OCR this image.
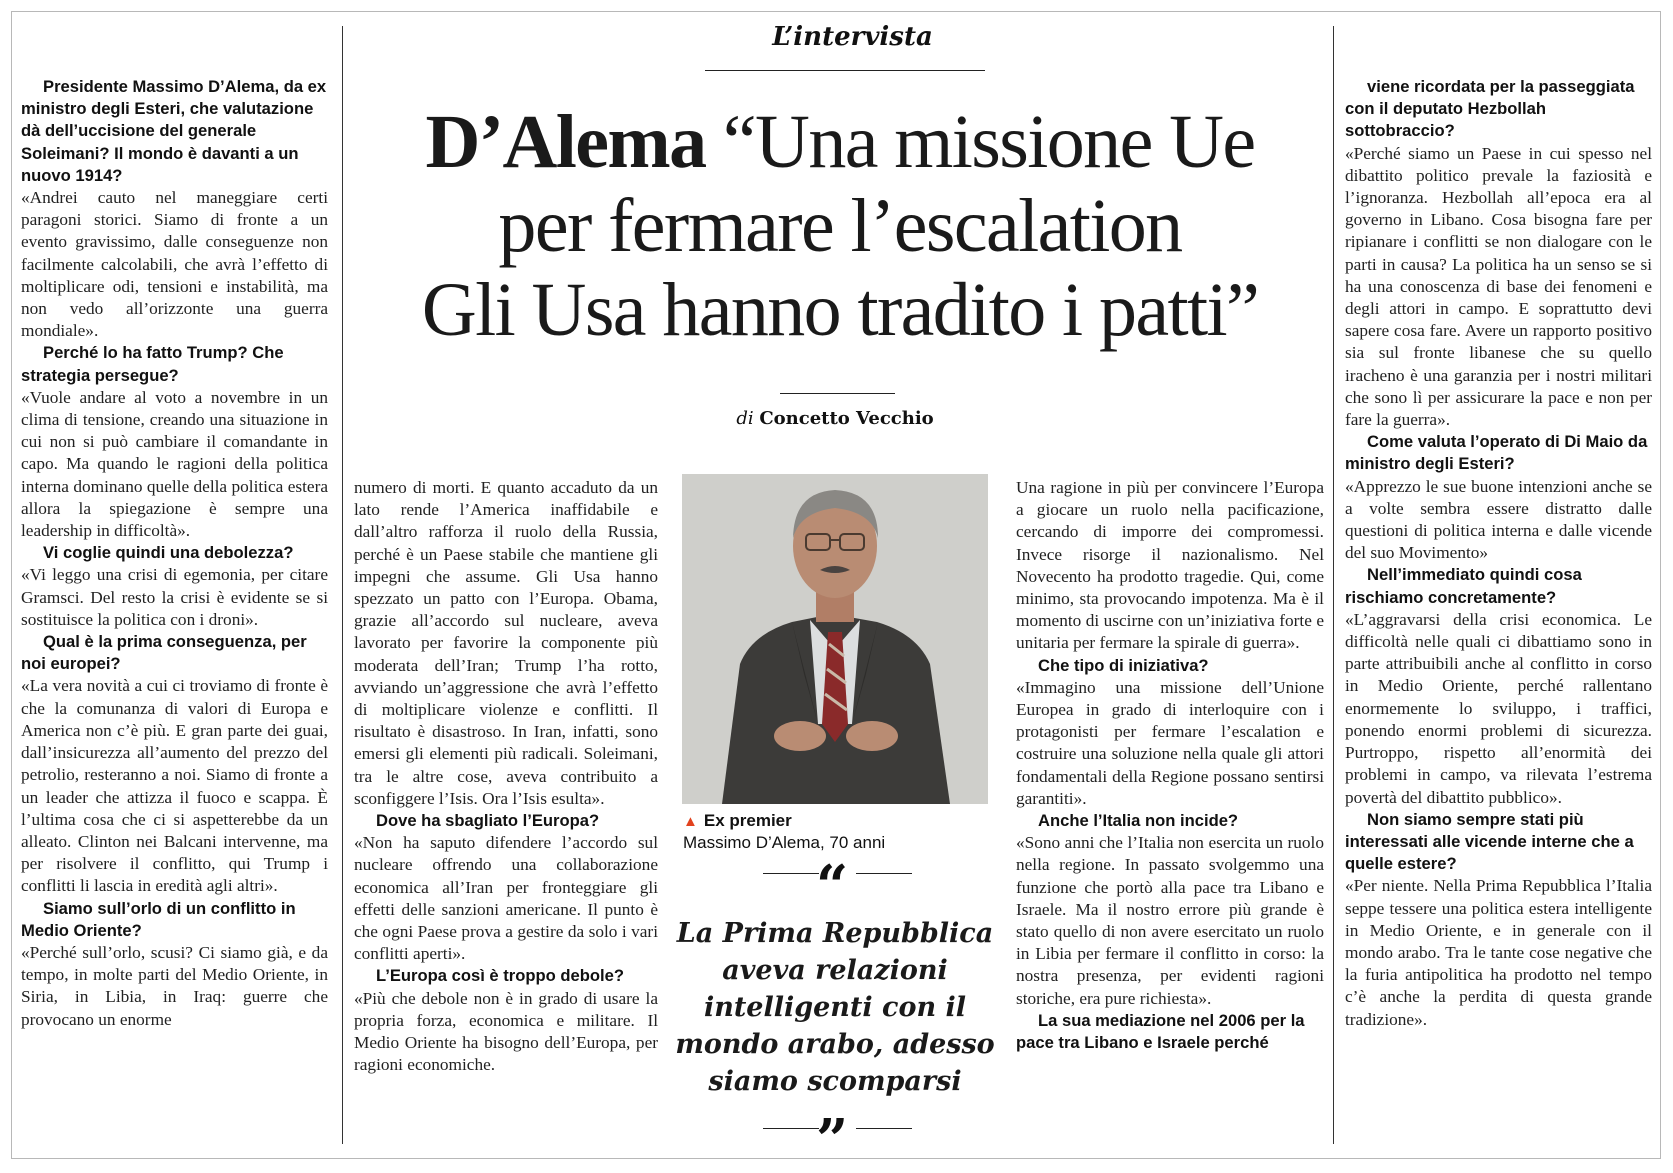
L’intervista
D’Alema “Una missione Ue
per fermare l’escalation
Gli Usa hanno tradito i patti”
di Concetto Vecchio

Presidente Massimo D’Alema, da ex ministro degli Esteri, che valutazione dà dell’uccisione del generale Soleimani? Il mondo è davanti a un nuovo 1914?

«Andrei cauto nel maneggiare certi paragoni storici. Siamo di fronte a un evento gravissimo, dalle conseguenze non facilmente calcolabili, che avrà l’effetto di moltiplicare odi, tensioni e instabilità, ma non vedo all’orizzonte una guerra mondiale».

Perché lo ha fatto Trump? Che strategia persegue?

«Vuole andare al voto a novembre in un clima di tensione, creando una situazione in cui non si può cambiare il comandante in capo. Ma quando le ragioni della politica interna dominano quelle della politica estera allora la spiegazione è sempre una leadership in difficoltà».

Vi coglie quindi una debolezza?

«Vi leggo una crisi di egemonia, per citare Gramsci. Del resto la crisi è evidente se si sostituisce la politica con i droni».

Qual è la prima conseguenza, per noi europei?

«La vera novità a cui ci troviamo di fronte è che la comunanza di valori di Europa e America non c’è più. E gran parte dei guai, dall’insicurezza all’aumento del prezzo del petrolio, resteranno a noi. Siamo di fronte a un leader che attizza il fuoco e scappa. È l’ultima cosa che ci si aspetterebbe da un alleato. Clinton nei Balcani intervenne, ma per risolvere il conflitto, qui Trump i conflitti li lascia in eredità agli altri».

Siamo sull’orlo di un conflitto in Medio Oriente?

«Perché sull’orlo, scusi? Ci siamo già, e da tempo, in molte parti del Medio Oriente, in Siria, in Libia, in Iraq: guerre che provocano un enorme

numero di morti. E quanto accaduto da un lato rende l’America inaffidabile e dall’altro rafforza il ruolo della Russia, perché è un Paese stabile che mantiene gli impegni che assume. Gli Usa hanno spezzato un patto con l’Europa. Obama, grazie all’accordo sul nucleare, aveva lavorato per favorire la componente più moderata dell’Iran; Trump l’ha rotto, avviando un’aggressione che avrà l’effetto di moltiplicare violenze e conflitti. Il risultato è disastroso. In Iran, infatti, sono emersi gli elementi più radicali. Soleimani, tra le altre cose, aveva contribuito a sconfiggere l’Isis. Ora l’Isis esulta».

Dove ha sbagliato l’Europa?

«Non ha saputo difendere l’accordo sul nucleare offrendo una collaborazione economica all’Iran per fronteggiare gli effetti delle sanzioni americane. Il punto è che ogni Paese prova a gestire da solo i vari conflitti aperti».

L’Europa così è troppo debole?

«Più che debole non è in grado di usare la propria forza, economica e militare. Il Medio Oriente ha bisogno dell’Europa, per ragioni economiche.

Una ragione in più per convincere l’Europa a giocare un ruolo nella pacificazione, cercando di imporre dei compromessi. Invece risorge il nazionalismo. Nel Novecento ha prodotto tragedie. Qui, come minimo, sta provocando impotenza. Ma è il momento di uscirne con un’iniziativa forte e unitaria per fermare la spirale di guerra».

Che tipo di iniziativa?

«Immagino una missione dell’Unione Europea in grado di interloquire con i protagonisti per fermare l’escalation e costruire una soluzione nella quale gli attori fondamentali della Regione possano sentirsi garantiti».

Anche l’Italia non incide?

«Sono anni che l’Italia non esercita un ruolo nella regione. In passato svolgemmo una funzione che portò alla pace tra Libano e Israele. Ma il nostro errore più grande è stato quello di non avere esercitato un ruolo in Libia per fermare il conflitto in corso: la nostra presenza, per evidenti ragioni storiche, era pure richiesta».

La sua mediazione nel 2006 per la pace tra Libano e Israele perché

viene ricordata per la passeggiata con il deputato Hezbollah sottobraccio?

«Perché siamo un Paese in cui spesso nel dibattito politico prevale la faziosità e l’ignoranza. Hezbollah all’epoca era al governo in Libano. Cosa bisogna fare per ripianare i conflitti se non dialogare con le parti in causa? La politica ha un senso se si ha una conoscenza di base dei fenomeni e degli attori in campo. E soprattutto devi sapere cosa fare. Avere un rapporto positivo sia sul fronte libanese che su quello iracheno è una garanzia per i nostri militari che sono lì per assicurare la pace e non per fare la guerra».

Come valuta l’operato di Di Maio da ministro degli Esteri?

«Apprezzo le sue buone intenzioni anche se a volte sembra essere distratto dalle questioni di politica interna e dalle vicende del suo Movimento»

Nell’immediato quindi cosa rischiamo concretamente?

«L’aggravarsi della crisi economica. Le difficoltà nelle quali ci dibattiamo sono in parte attribuibili anche al conflitto in corso in Medio Oriente, perché rallentano enormemente lo sviluppo, i traffici, ponendo enormi problemi di sicurezza. Purtroppo, rispetto all’enormità dei problemi in campo, va rilevata l’estrema povertà del dibattito pubblico».

Non siamo sempre stati più interessati alle vicende interne che a quelle estere?

«Per niente. Nella Prima Repubblica l’Italia seppe tessere una politica estera intelligente in Medio Oriente, e in generale con il mondo arabo. Tra le tante cose negative che la furia antipolitica ha prodotto nel tempo c’è anche la perdita di questa grande tradizione».

▲ Ex premier
Massimo D’Alema, 70 anni
“
La Prima Repubblica aveva relazioni intelligenti con il mondo arabo, adesso siamo scomparsi
”
